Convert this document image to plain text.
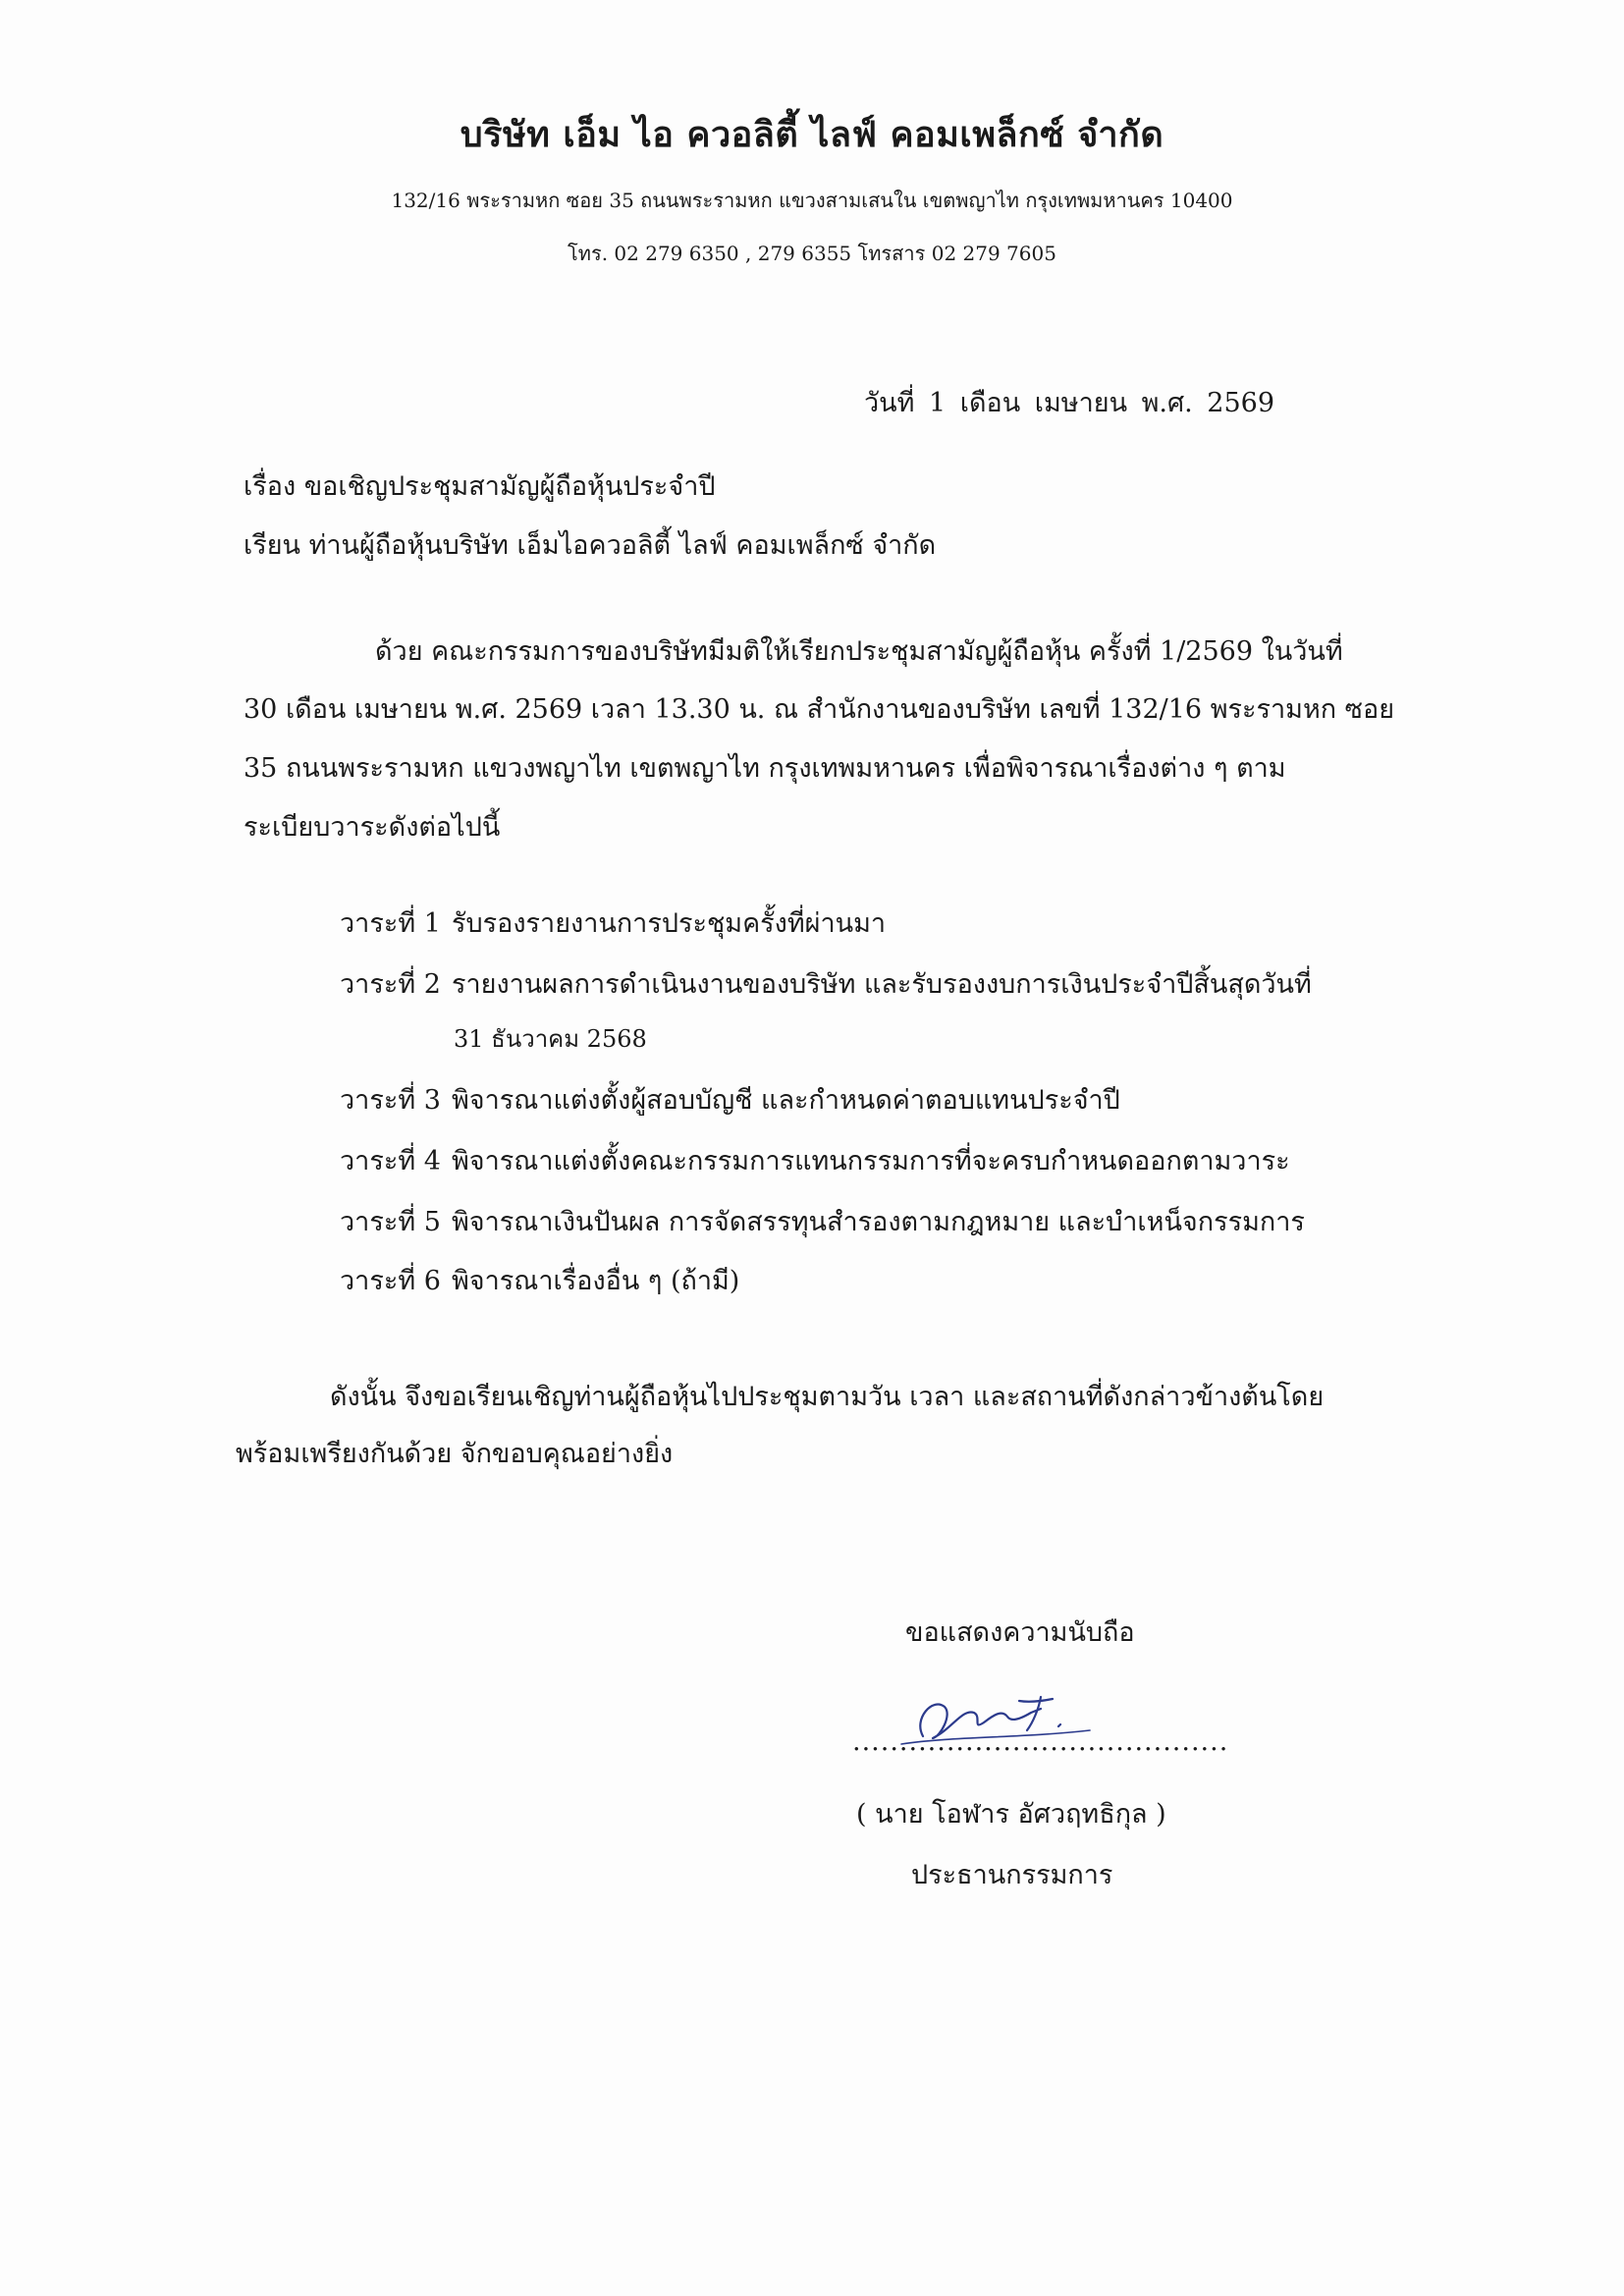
บริษัท เอ็ม ไอ ควอลิตี้ ไลฟ์ คอมเพล็กซ์ จำกัด
132/16 พระรามหก ซอย 35 ถนนพระรามหก แขวงสามเสนใน เขตพญาไท กรุงเทพมหานคร 10400
โทร. 02 279 6350 , 279 6355 โทรสาร 02 279 7605
วันที่ 1 เดือน เมษายน พ.ศ. 2569
เรื่อง ขอเชิญประชุมสามัญผู้ถือหุ้นประจำปี
เรียน ท่านผู้ถือหุ้นบริษัท เอ็มไอควอลิตี้ ไลฟ์ คอมเพล็กซ์ จำกัด
ด้วย คณะกรรมการของบริษัทมีมติให้เรียกประชุมสามัญผู้ถือหุ้น ครั้งที่ 1/2569 ในวันที่
30 เดือน เมษายน พ.ศ. 2569 เวลา 13.30 น. ณ สำนักงานของบริษัท เลขที่ 132/16 พระรามหก ซอย
35 ถนนพระรามหก แขวงพญาไท เขตพญาไท กรุงเทพมหานคร เพื่อพิจารณาเรื่องต่าง ๆ ตาม
ระเบียบวาระดังต่อไปนี้
วาระที่ 1 รับรองรายงานการประชุมครั้งที่ผ่านมา
วาระที่ 2 รายงานผลการดำเนินงานของบริษัท และรับรองงบการเงินประจำปีสิ้นสุดวันที่
31 ธันวาคม 2568
วาระที่ 3 พิจารณาแต่งตั้งผู้สอบบัญชี และกำหนดค่าตอบแทนประจำปี
วาระที่ 4 พิจารณาแต่งตั้งคณะกรรมการแทนกรรมการที่จะครบกำหนดออกตามวาระ
วาระที่ 5 พิจารณาเงินปันผล การจัดสรรทุนสำรองตามกฎหมาย และบำเหน็จกรรมการ
วาระที่ 6 พิจารณาเรื่องอื่น ๆ (ถ้ามี)
ดังนั้น จึงขอเรียนเชิญท่านผู้ถือหุ้นไปประชุมตามวัน เวลา และสถานที่ดังกล่าวข้างต้นโดย
พร้อมเพรียงกันด้วย จักขอบคุณอย่างยิ่ง
ขอแสดงความนับถือ
........................................
( นาย โอฬาร อัศวฤทธิกุล )
ประธานกรรมการ
